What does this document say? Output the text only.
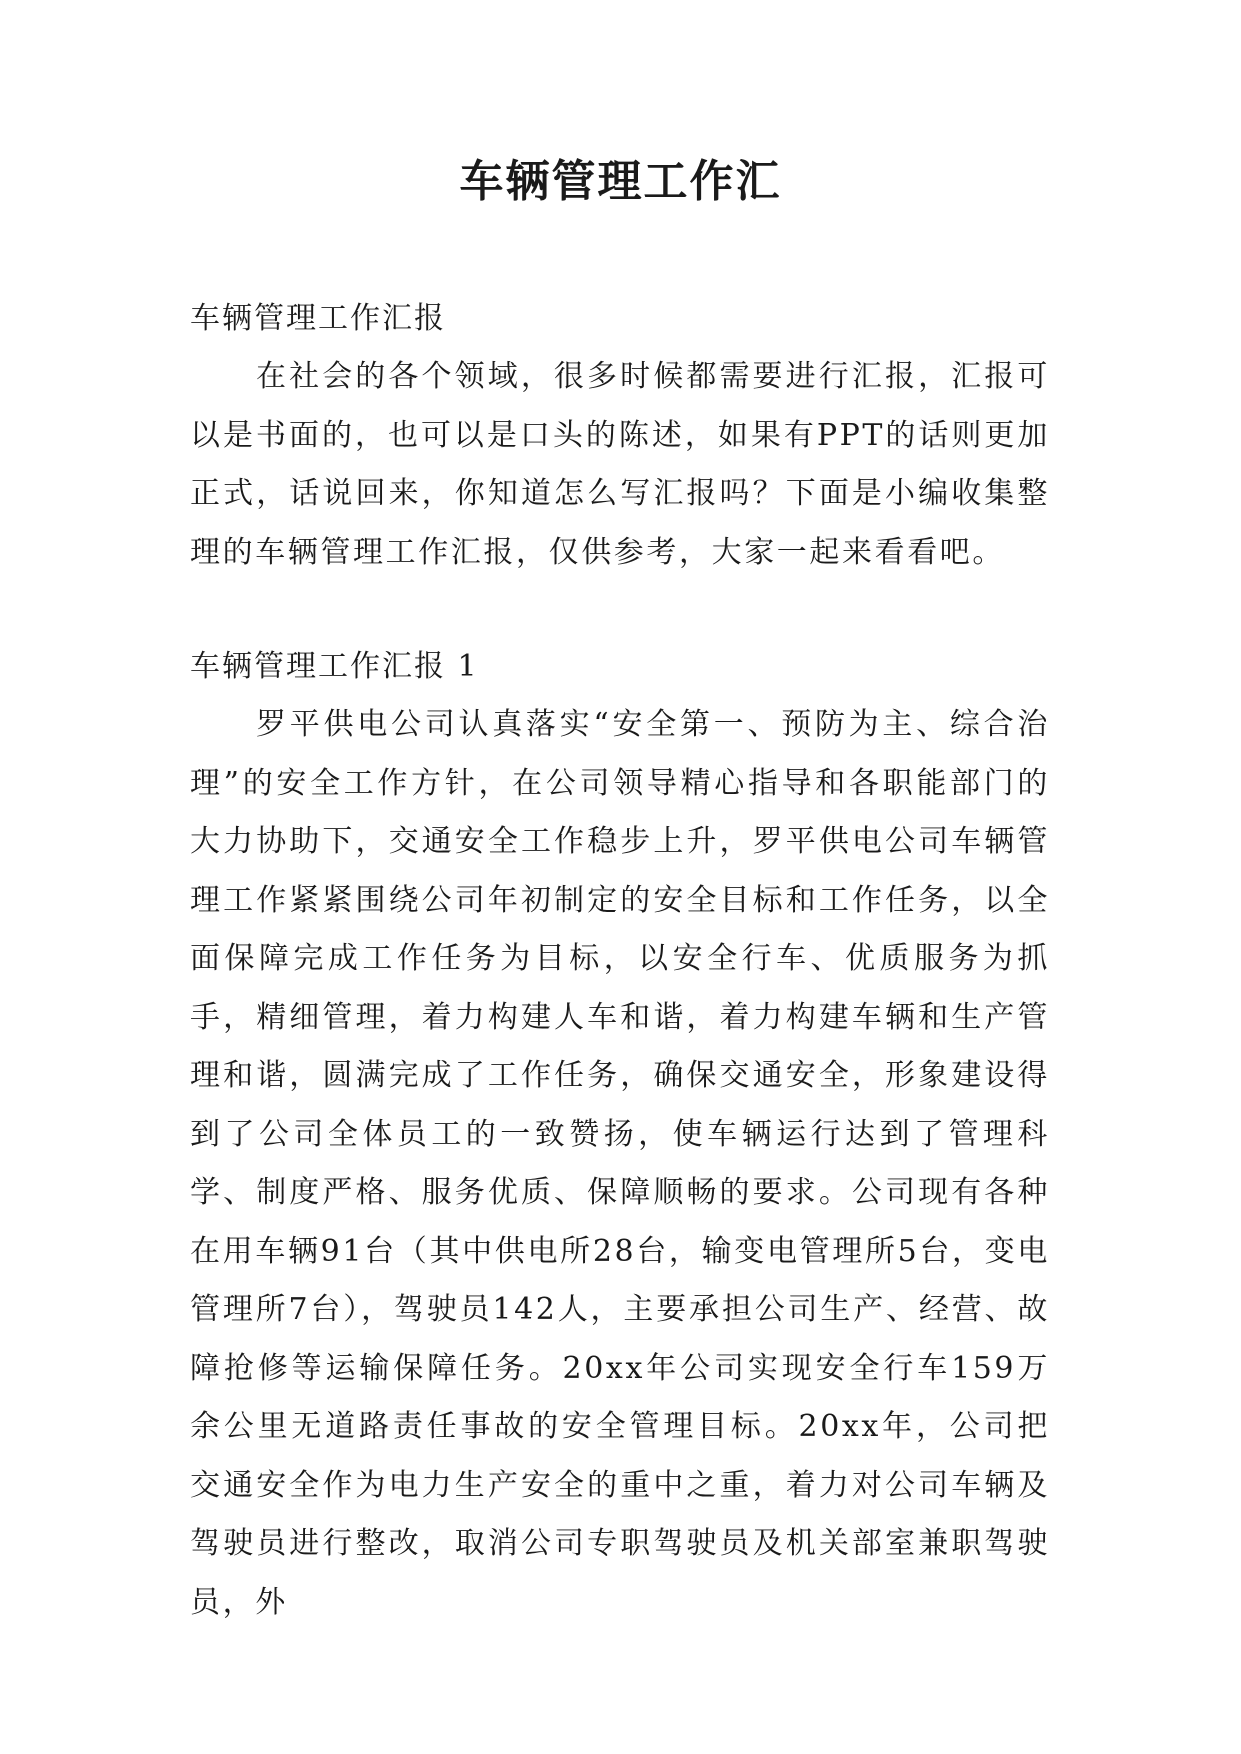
车辆管理工作汇
车辆管理工作汇报
在社会的各个领域，很多时候都需要进行汇报，汇报可以是书面的，也可以是口头的陈述，如果有PPT的话则更加正式，话说回来，你知道怎么写汇报吗？下面是小编收集整理的车辆管理工作汇报，仅供参考，大家一起来看看吧。
车辆管理工作汇报 1
罗平供电公司认真落实“安全第一、预防为主、综合治理”的安全工作方针，在公司领导精心指导和各职能部门的大力协助下，交通安全工作稳步上升，罗平供电公司车辆管理工作紧紧围绕公司年初制定的安全目标和工作任务，以全面保障完成工作任务为目标，以安全行车、优质服务为抓手，精细管理，着力构建人车和谐，着力构建车辆和生产管理和谐，圆满完成了工作任务，确保交通安全，形象建设得到了公司全体员工的一致赞扬，使车辆运行达到了管理科学、制度严格、服务优质、保障顺畅的要求。公司现有各种在用车辆91台（其中供电所28台，输变电管理所5台，变电管理所7台），驾驶员142人，主要承担公司生产、经营、故障抢修等运输保障任务。20xx年公司实现安全行车159万余公里无道路责任事故的安全管理目标。20xx年，公司把交通安全作为电力生产安全的重中之重，着力对公司车辆及驾驶员进行整改，取消公司专职驾驶员及机关部室兼职驾驶员，外
